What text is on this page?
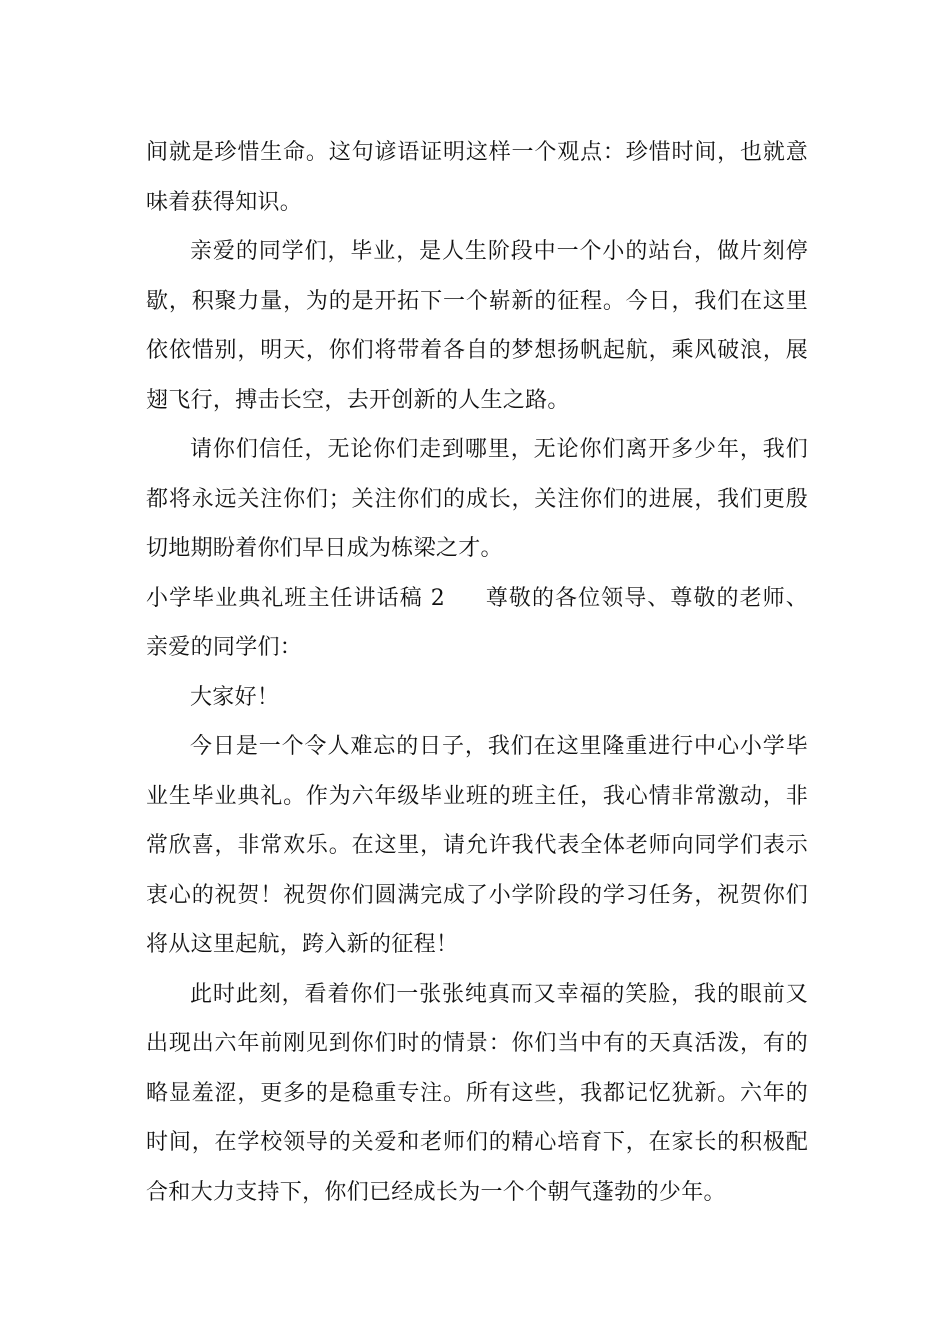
间就是珍惜生命。这句谚语证明这样一个观点：珍惜时间，也就意味着获得知识。

亲爱的同学们，毕业，是人生阶段中一个小的站台，做片刻停歇，积聚力量，为的是开拓下一个崭新的征程。今日，我们在这里依依惜别，明天，你们将带着各自的梦想扬帆起航，乘风破浪，展翅飞行，搏击长空，去开创新的人生之路。

请你们信任，无论你们走到哪里，无论你们离开多少年，我们都将永远关注你们；关注你们的成长，关注你们的进展，我们更殷切地期盼着你们早日成为栋梁之才。

小学毕业典礼班主任讲话稿 2 尊敬的各位领导、尊敬的老师、亲爱的同学们：

大家好！

今日是一个令人难忘的日子，我们在这里隆重进行中心小学毕业生毕业典礼。作为六年级毕业班的班主任，我心情非常激动，非常欣喜，非常欢乐。在这里，请允许我代表全体老师向同学们表示衷心的祝贺！祝贺你们圆满完成了小学阶段的学习任务，祝贺你们将从这里起航，跨入新的征程！

此时此刻，看着你们一张张纯真而又幸福的笑脸，我的眼前又出现出六年前刚见到你们时的情景：你们当中有的天真活泼，有的略显羞涩，更多的是稳重专注。所有这些，我都记忆犹新。六年的时间，在学校领导的关爱和老师们的精心培育下，在家长的积极配合和大力支持下，你们已经成长为一个个朝气蓬勃的少年。
